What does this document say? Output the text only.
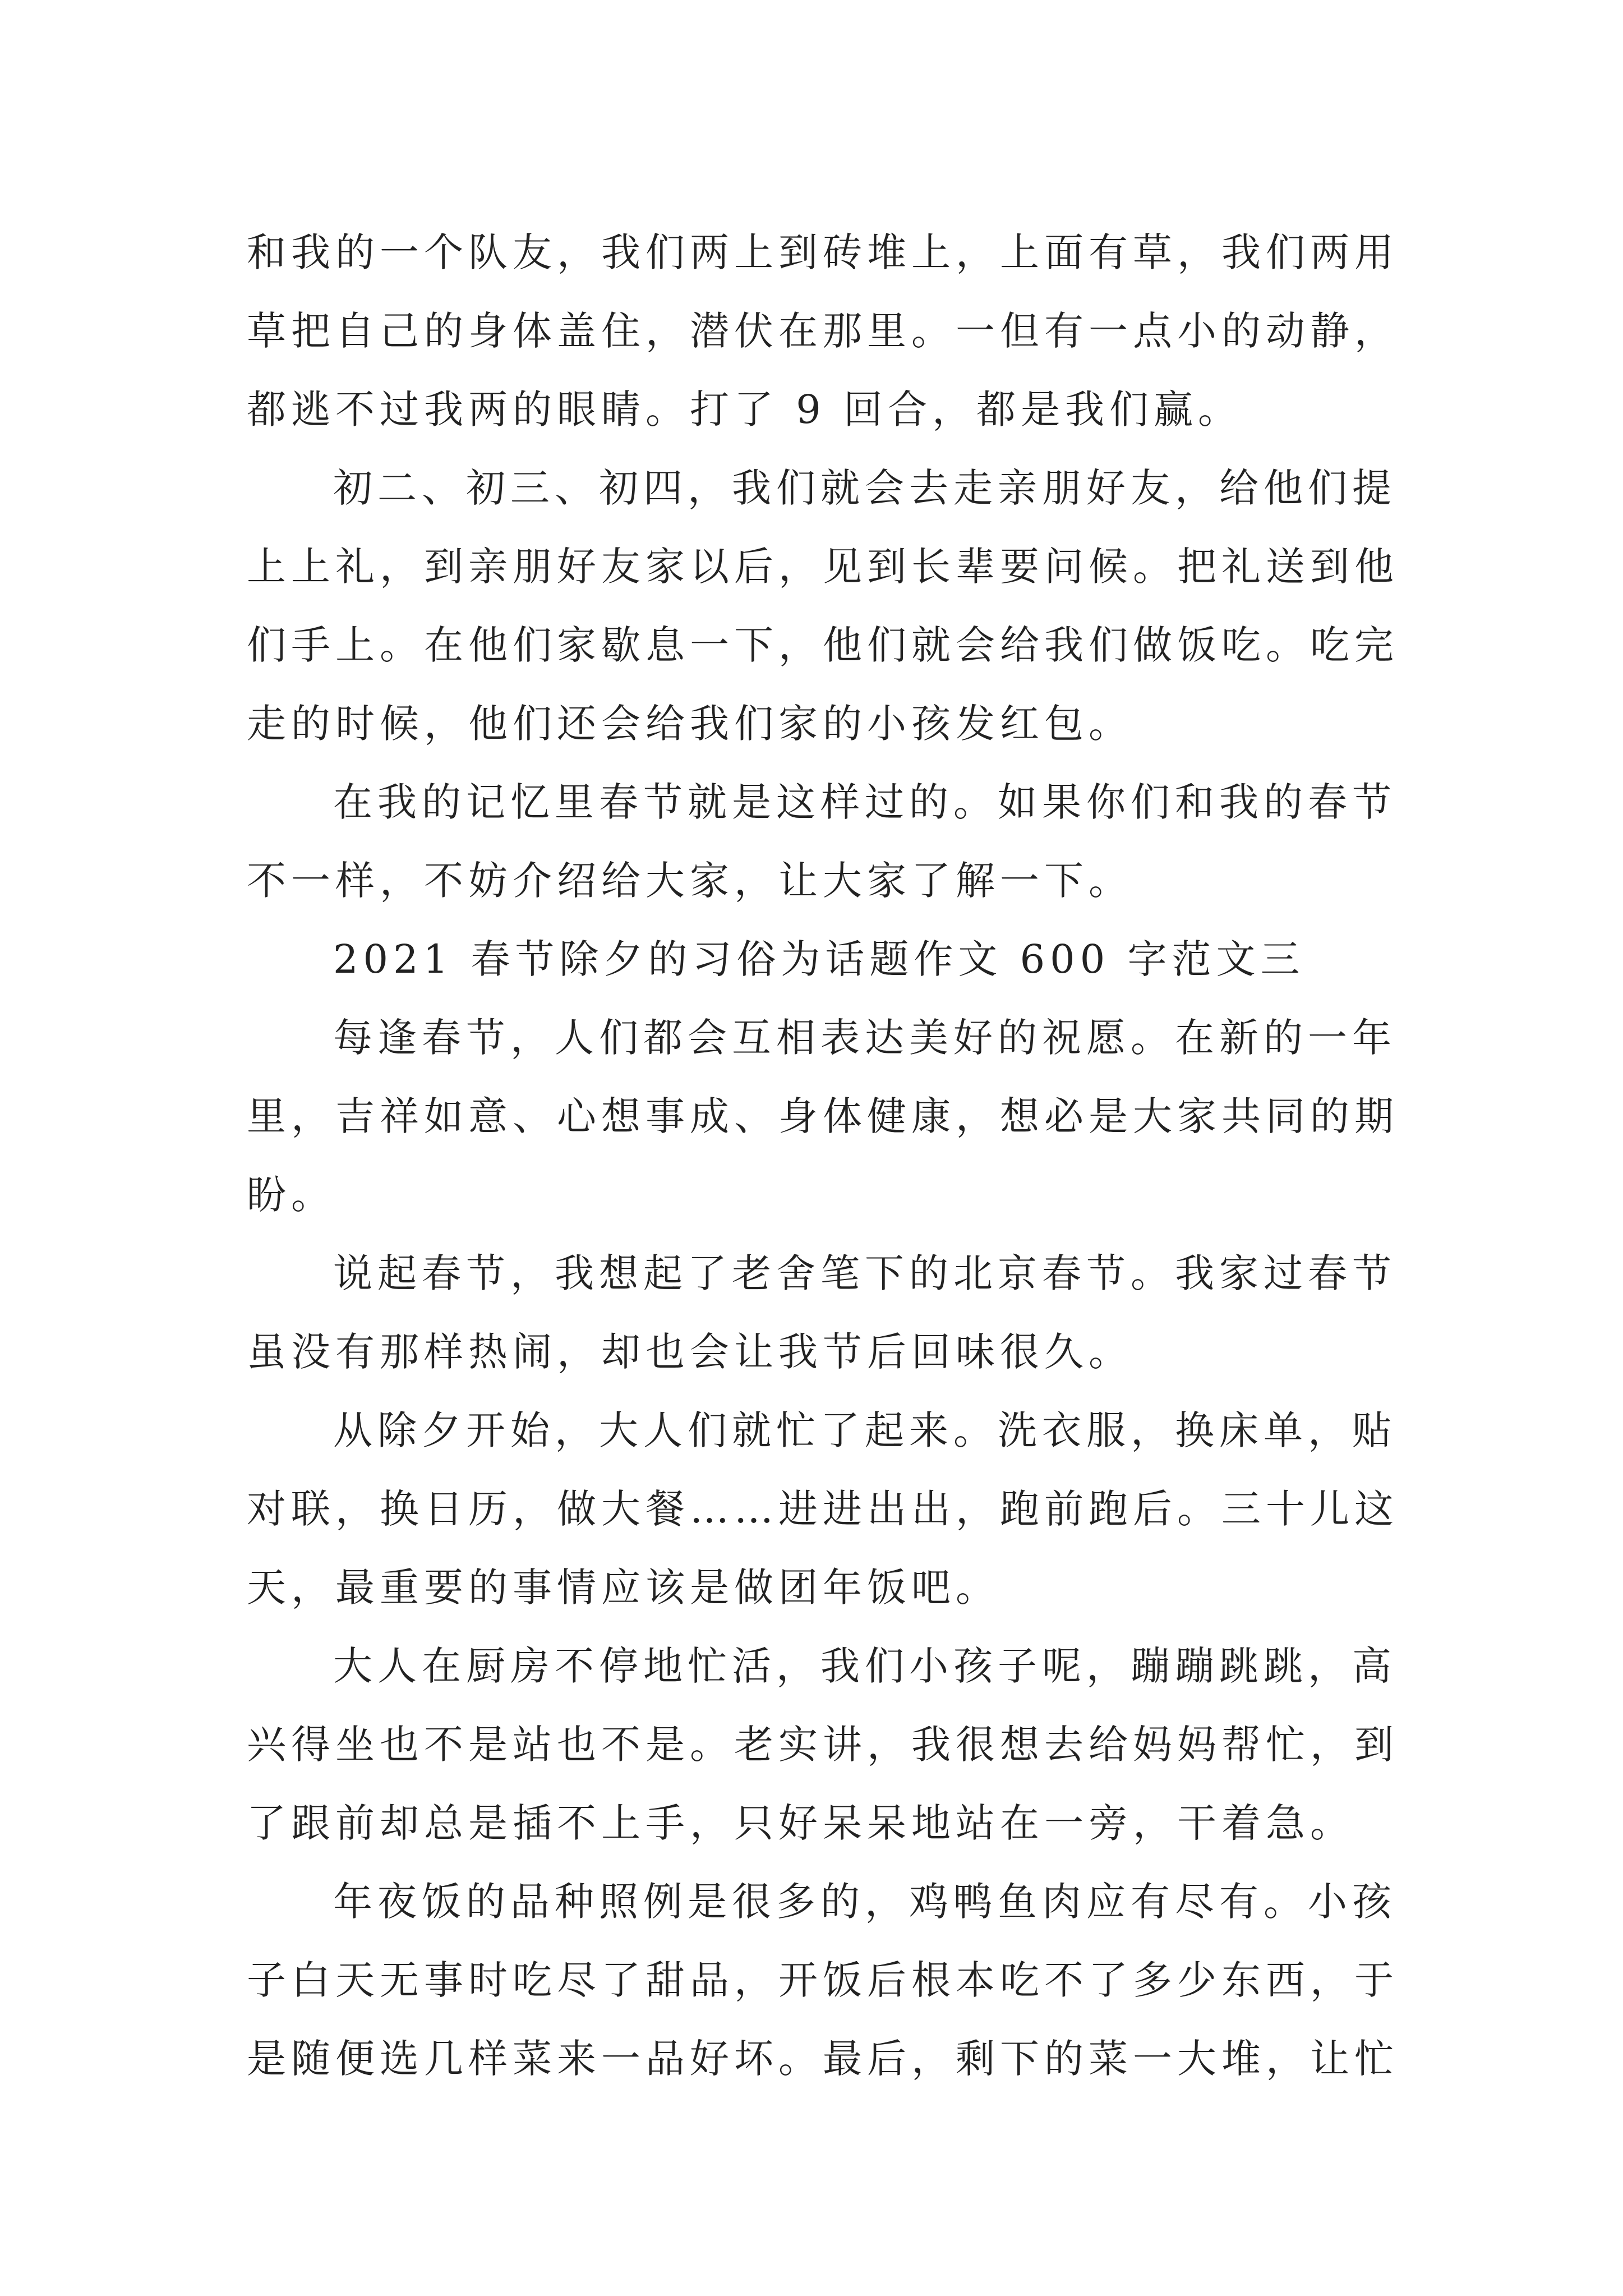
和我的一个队友，我们两上到砖堆上，上面有草，我们两用
草把自己的身体盖住，潜伏在那里。一但有一点小的动静，
都逃不过我两的眼睛。打了 9 回合，都是我们赢。
初二、初三、初四，我们就会去走亲朋好友，给他们提
上上礼，到亲朋好友家以后，见到长辈要问候。把礼送到他
们手上。在他们家歇息一下，他们就会给我们做饭吃。吃完
走的时候，他们还会给我们家的小孩发红包。
在我的记忆里春节就是这样过的。如果你们和我的春节
不一样，不妨介绍给大家，让大家了解一下。
2021 春节除夕的习俗为话题作文 600 字范文三
每逢春节，人们都会互相表达美好的祝愿。在新的一年
里，吉祥如意、心想事成、身体健康，想必是大家共同的期
盼。
说起春节，我想起了老舍笔下的北京春节。我家过春节
虽没有那样热闹，却也会让我节后回味很久。
从除夕开始，大人们就忙了起来。洗衣服，换床单，贴
对联，换日历，做大餐……进进出出，跑前跑后。三十儿这
天，最重要的事情应该是做团年饭吧。
大人在厨房不停地忙活，我们小孩子呢，蹦蹦跳跳，高
兴得坐也不是站也不是。老实讲，我很想去给妈妈帮忙，到
了跟前却总是插不上手，只好呆呆地站在一旁，干着急。
年夜饭的品种照例是很多的，鸡鸭鱼肉应有尽有。小孩
子白天无事时吃尽了甜品，开饭后根本吃不了多少东西，于
是随便选几样菜来一品好坏。最后，剩下的菜一大堆，让忙
